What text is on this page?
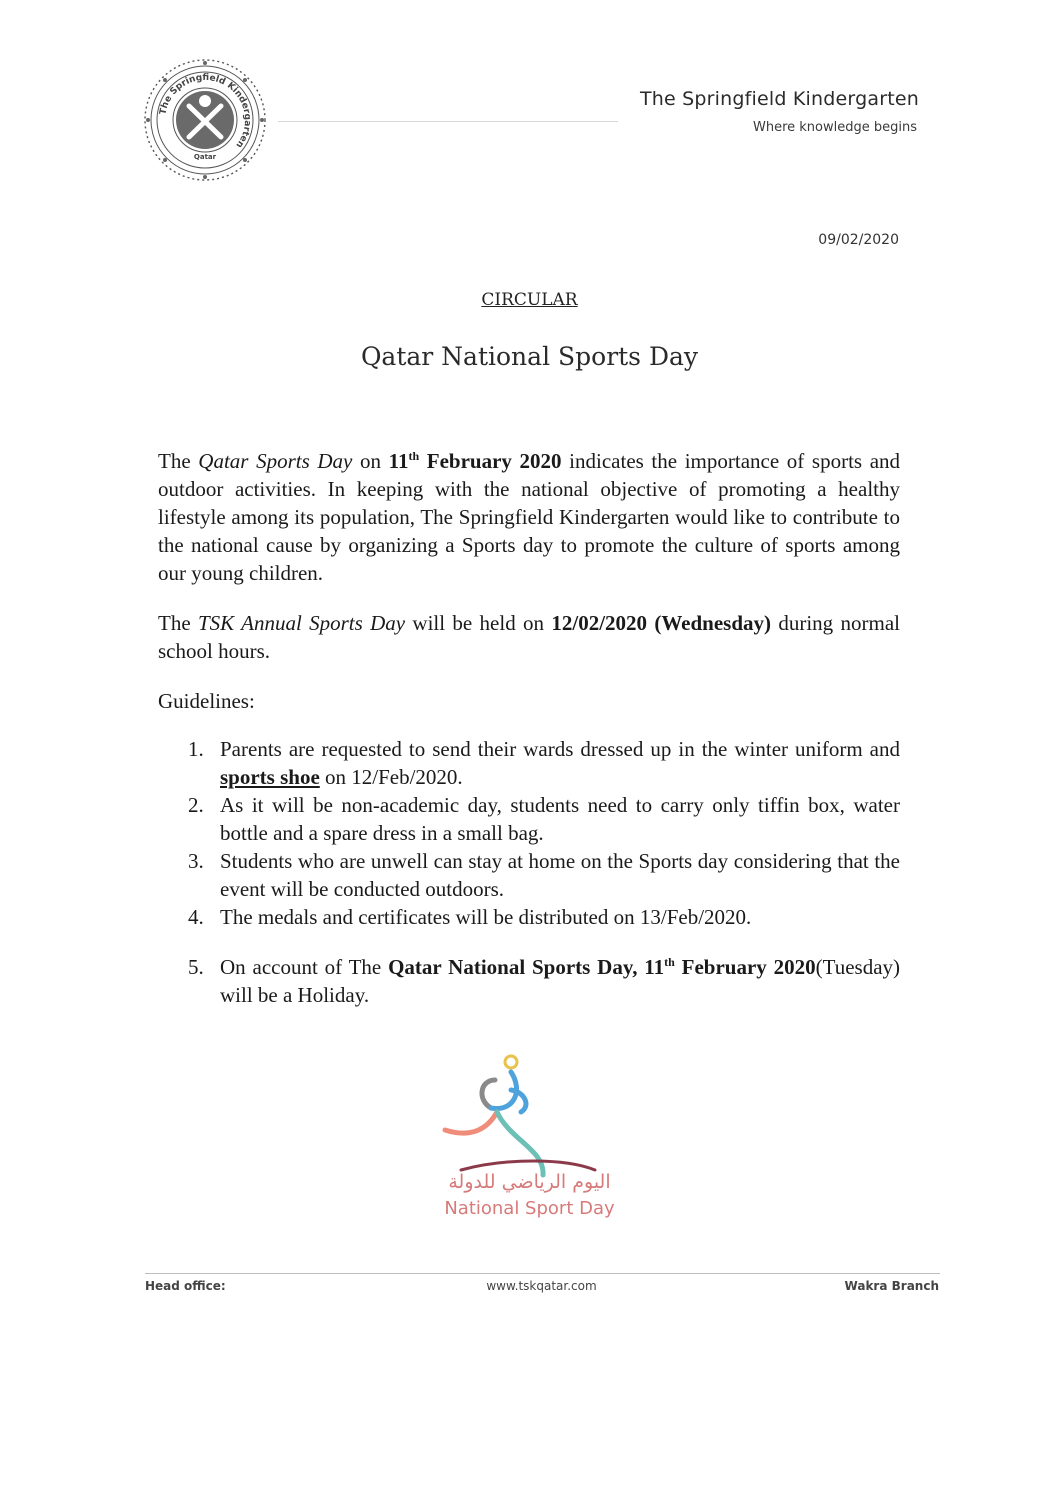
The Springfield Kindergarten
Qatar
The Springfield Kindergarten
Where knowledge begins
09/02/2020
CIRCULAR
Qatar National Sports Day

The Qatar Sports Day on 11th February 2020 indicates the importance of sports and outdoor activities. In keeping with the national objective of promoting a healthy lifestyle among its population, The Springfield Kindergarten would like to contribute to the national cause by organizing a Sports day to promote the culture of sports among our young children.

The TSK Annual Sports Day will be held on 12/02/2020 (Wednesday) during normal school hours.

Guidelines:

1. Parents are requested to send their wards dressed up in the winter uniform and sports shoe on 12/Feb/2020.
2. As it will be non-academic day, students need to carry only tiffin box, water bottle and a spare dress in a small bag.
3. Students who are unwell can stay at home on the Sports day considering that the event will be conducted outdoors.
4. The medals and certificates will be distributed on 13/Feb/2020.
5. On account of The Qatar National Sports Day, 11th February 2020(Tuesday) will be a Holiday.
اليوم الرياضي للدولة
National Sport Day
Head office:	www.tskqatar.com	Wakra Branch
